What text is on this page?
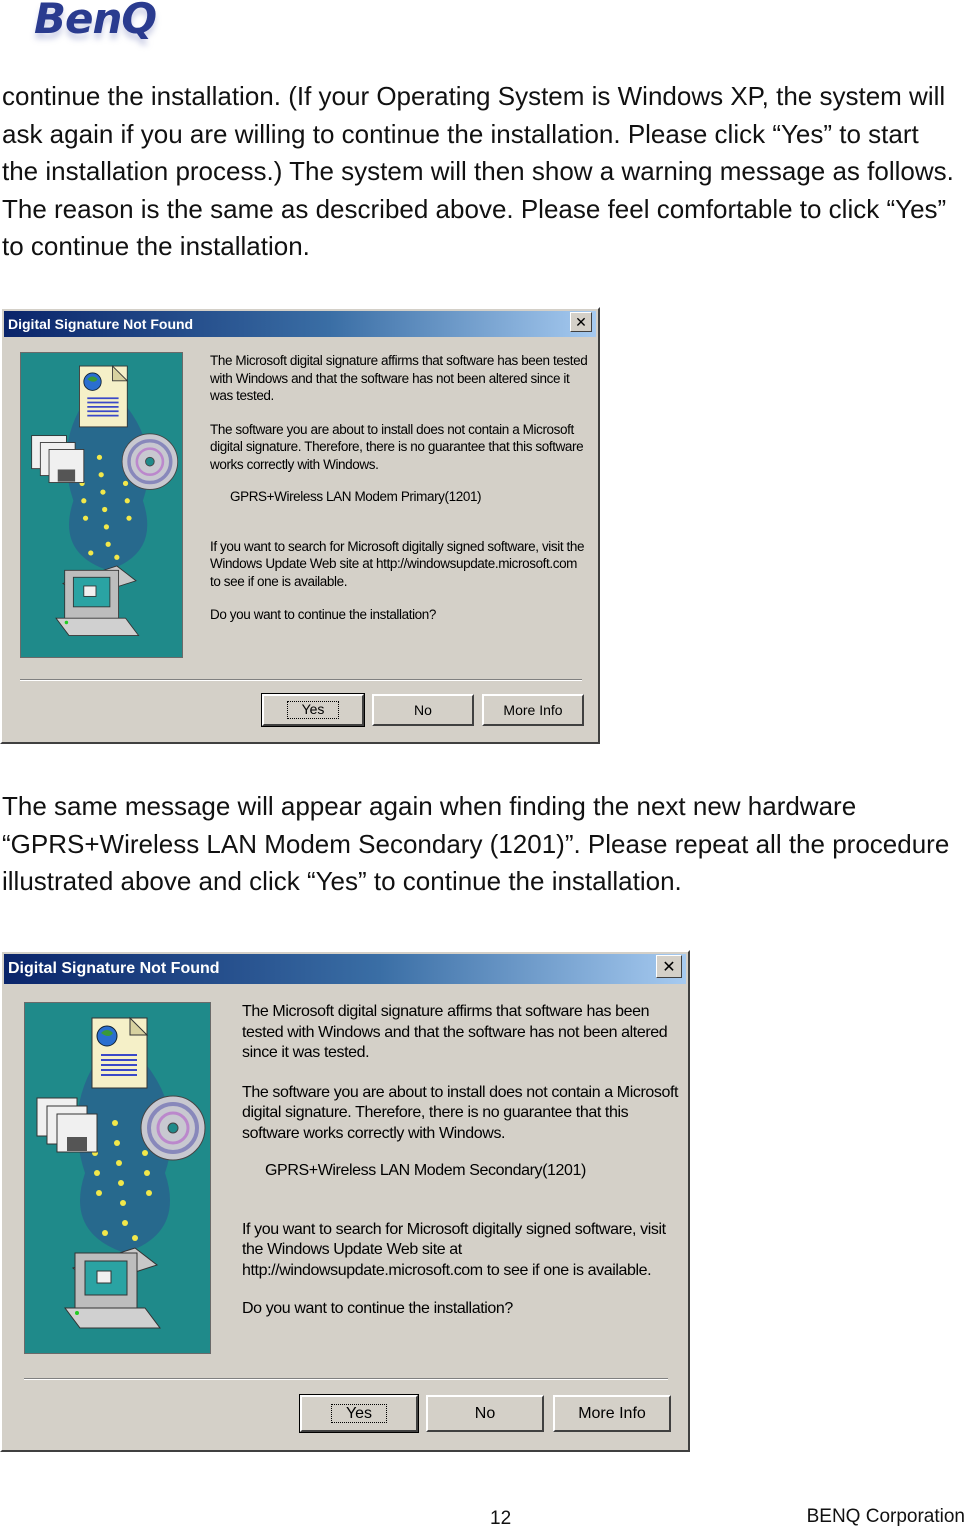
BenQ

continue the installation. (If your Operating System is Windows XP, the system will ask again if you are willing to continue the installation. Please click “Yes” to start the installation process.) The system will then show a warning message as follows. The reason is the same as described above. Please feel comfortable to click “Yes” to continue the installation.

Digital Signature Not Found	✕

The Microsoft digital signature affirms that software has been tested with Windows and that the software has not been altered since it was tested.

The software you are about to install does not contain a Microsoft digital signature. Therefore, there is no guarantee that this software works correctly with Windows.

GPRS+Wireless LAN Modem Primary(1201)

If you want to search for Microsoft digitally signed software, visit the Windows Update Web site at http://windowsupdate.microsoft.com to see if one is available.

Do you want to continue the installation?

Yes	No	More Info

The same message will appear again when finding the next new hardware “GPRS+Wireless LAN Modem Secondary (1201)”. Please repeat all the procedure illustrated above and click “Yes” to continue the installation.

Digital Signature Not Found	✕

The Microsoft digital signature affirms that software has been tested with Windows and that the software has not been altered since it was tested.

The software you are about to install does not contain a Microsoft digital signature. Therefore, there is no guarantee that this software works correctly with Windows.

GPRS+Wireless LAN Modem Secondary(1201)

If you want to search for Microsoft digitally signed software, visit the Windows Update Web site at http://windowsupdate.microsoft.com to see if one is available.

Do you want to continue the installation?

Yes	No	More Info
12	BENQ Corporation
